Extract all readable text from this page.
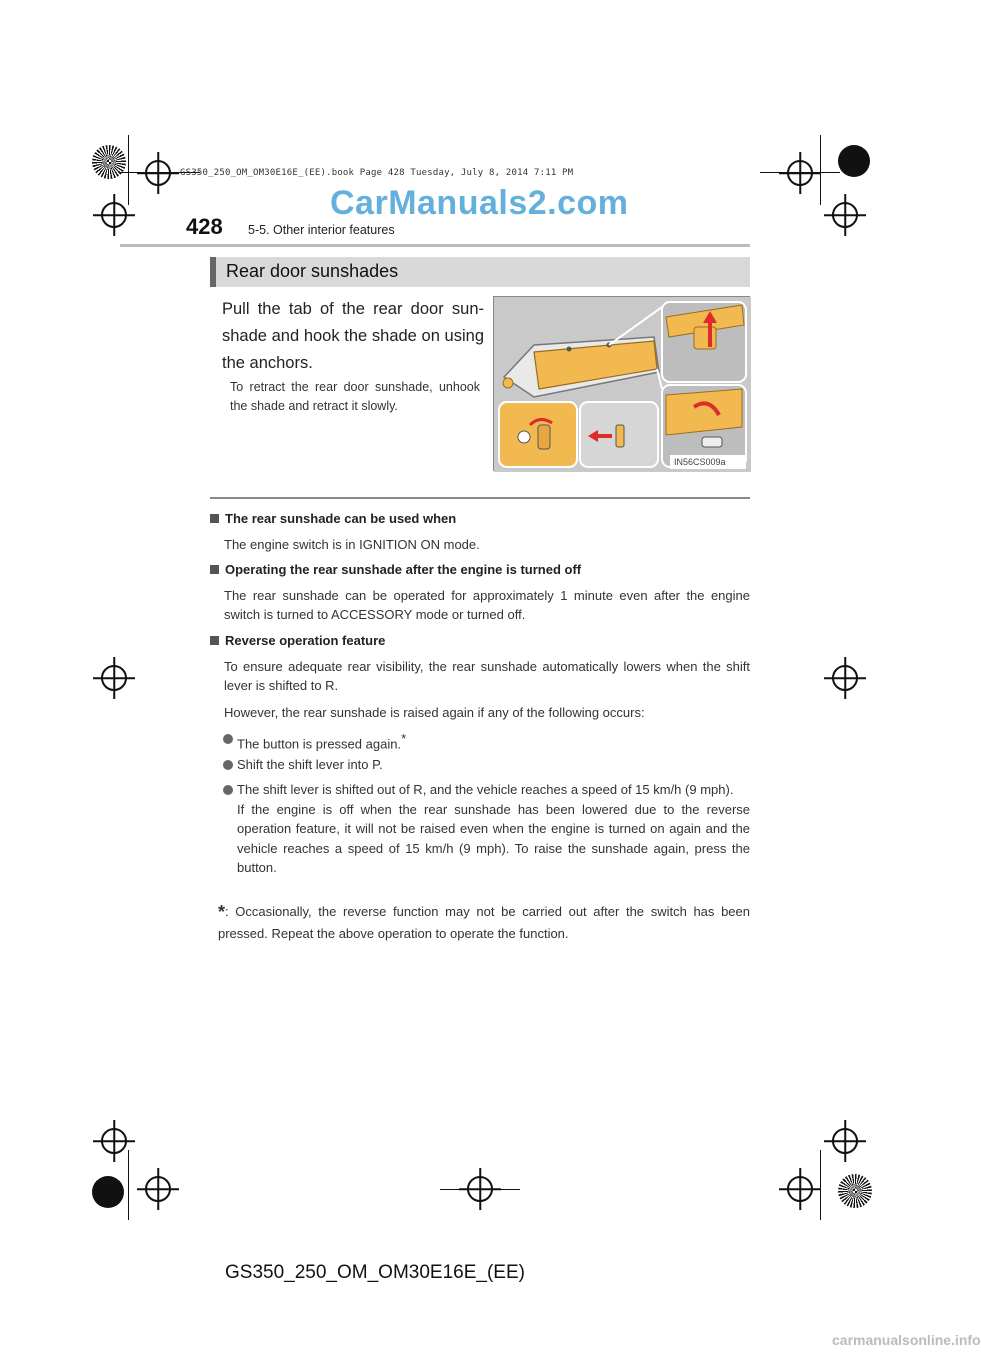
GS350_250_OM_OM30E16E_(EE).book Page 428 Tuesday, July 8, 2014 7:11 PM
CarManuals2.com
428 5-5. Other interior features
Rear door sunshades
Pull the tab of the rear door sun-shade and hook the shade on using the anchors.
To retract the rear door sunshade, unhook the shade and retract it slowly.
IN56CS009a
The rear sunshade can be used when
The engine switch is in IGNITION ON mode.
Operating the rear sunshade after the engine is turned off
The rear sunshade can be operated for approximately 1 minute even after the engine switch is turned to ACCESSORY mode or turned off.
Reverse operation feature
To ensure adequate rear visibility, the rear sunshade automatically lowers when the shift lever is shifted to R.
However, the rear sunshade is raised again if any of the following occurs:
The button is pressed again.*
Shift the shift lever into P.
The shift lever is shifted out of R, and the vehicle reaches a speed of 15 km/h (9 mph).
If the engine is off when the rear sunshade has been lowered due to the reverse operation feature, it will not be raised even when the engine is turned on again and the vehicle reaches a speed of 15 km/h (9 mph). To raise the sunshade again, press the button.
*: Occasionally, the reverse function may not be carried out after the switch has been pressed. Repeat the above operation to operate the function.
GS350_250_OM_OM30E16E_(EE)
carmanualsonline.info
